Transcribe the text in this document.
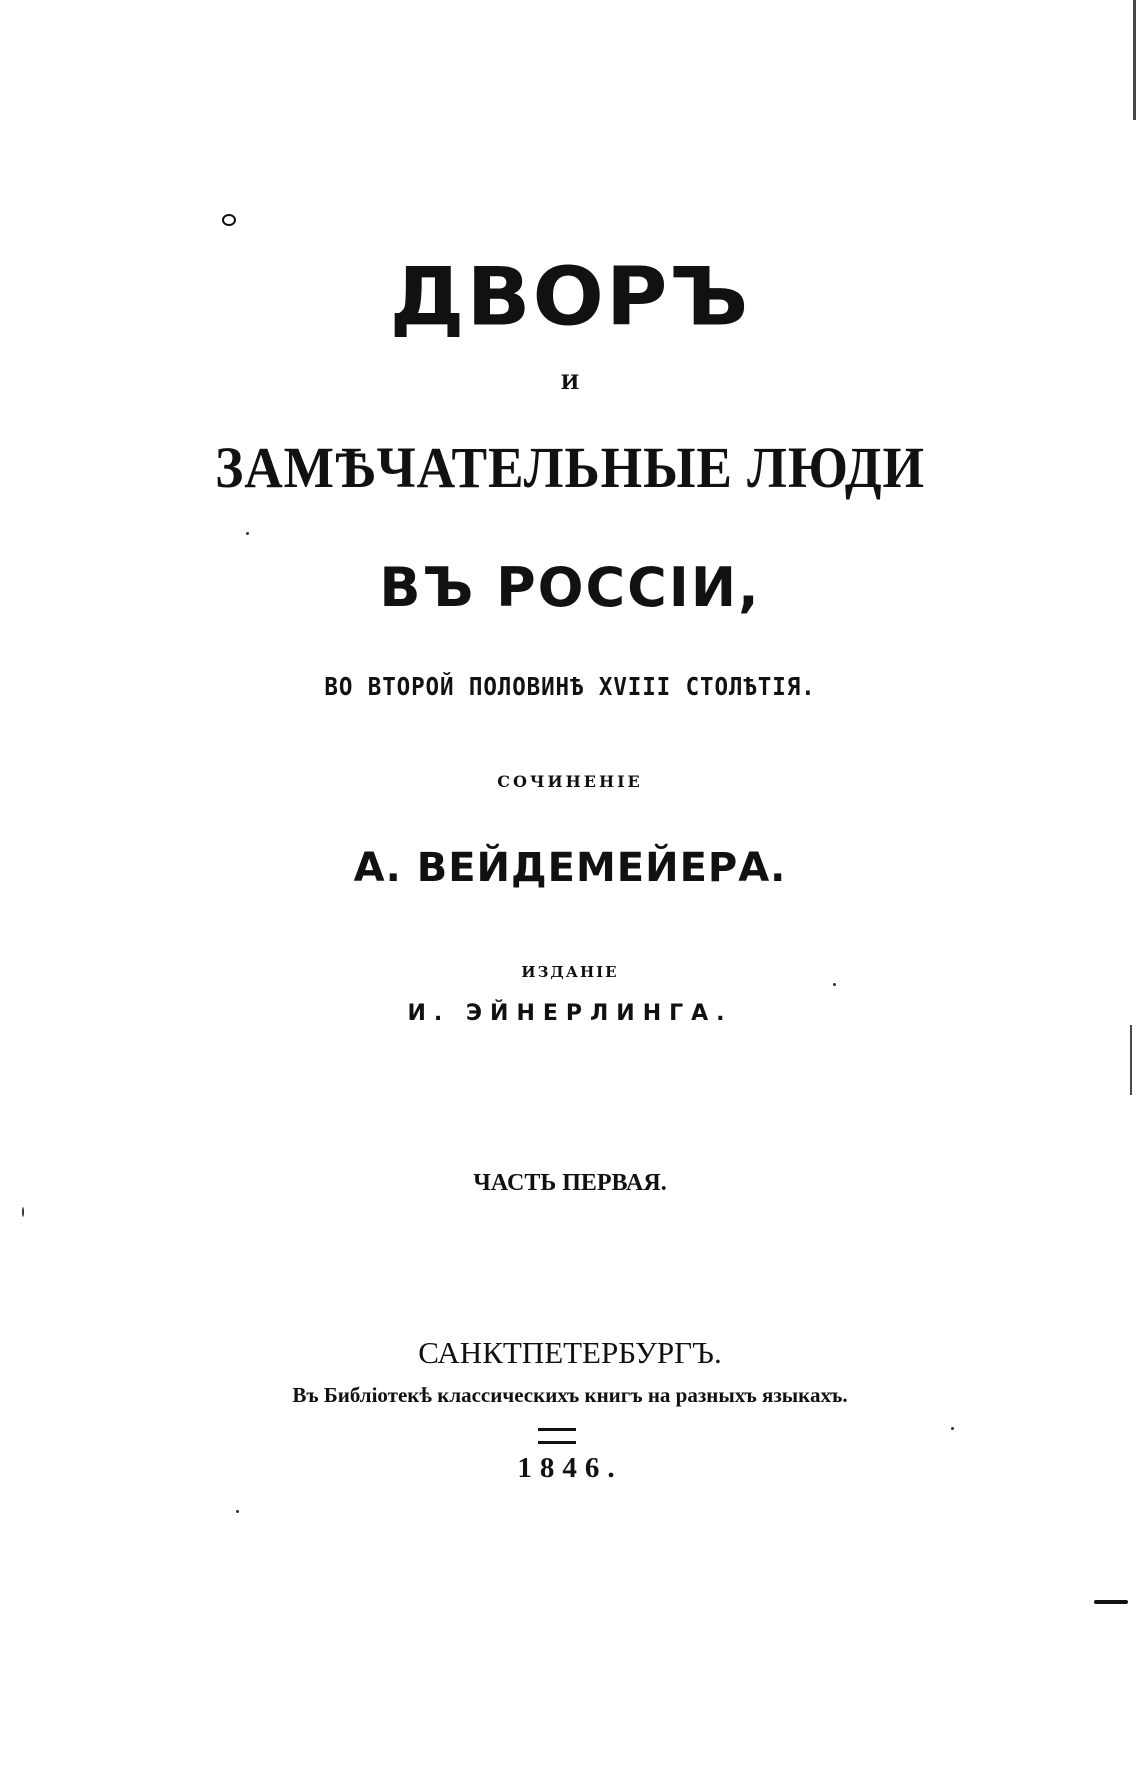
ДВОРЪ

И

ЗАМѢЧАТЕЛЬНЫЕ ЛЮДИ
ВЪ РОССІИ,

ВО ВТОРОЙ ПОЛОВИНѢ XVIII СТОЛѢТІЯ.

СОЧИНЕНІЕ

А. ВЕЙДЕМЕЙЕРА.

ИЗДАНІЕ

И. ЭЙНЕРЛИНГА.

ЧАСТЬ ПЕРВАЯ.

САНКТПЕТЕРБУРГЪ.

Въ Библіотекѣ классическихъ книгъ на разныхъ языкахъ.

1846.
